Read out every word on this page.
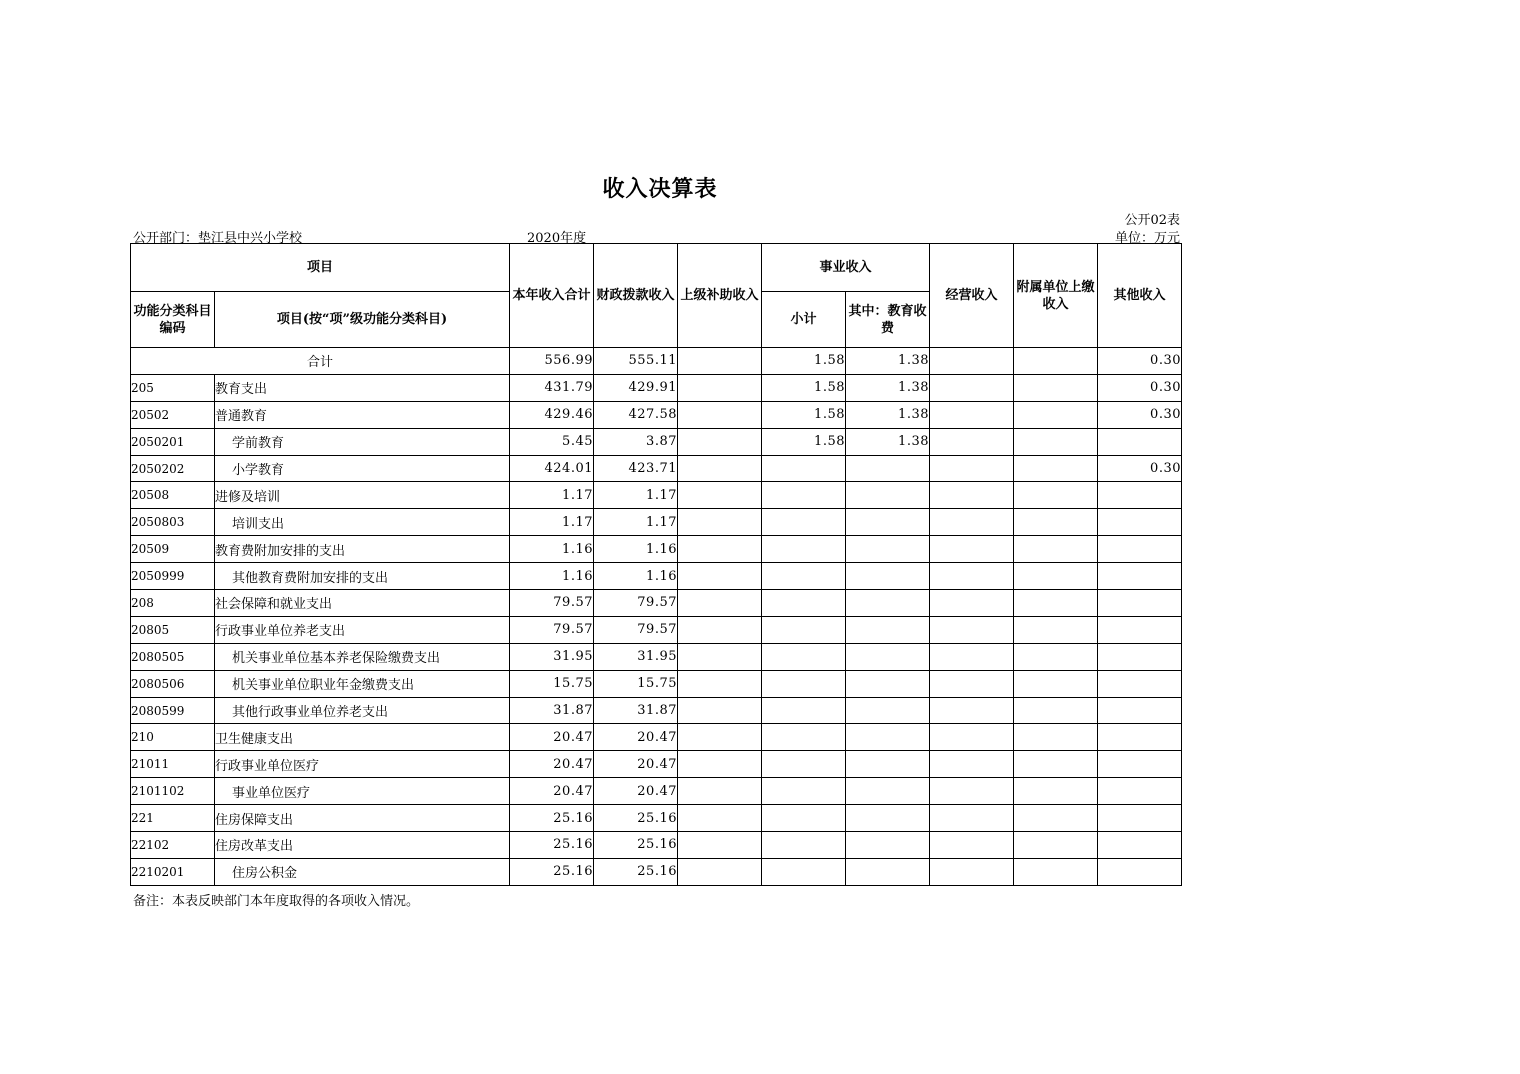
收入决算表
公开部门：垫江县中兴小学校	2020年度
公开02表
单位：万元
项目		本年收入合计	财政拨款收入	上级补助收入	事业收入		经营收入	附属单位上缴收入	其他收入
功能分类科目编码	项目(按“项”级功能分类科目)				小计	其中：教育收费			

合计		556.99	555.11		1.58	1.38			0.30
205	教育支出	431.79	429.91		1.58	1.38			0.30
20502	普通教育	429.46	427.58		1.58	1.38			0.30
2050201	学前教育	5.45	3.87		1.58	1.38			
2050202	小学教育	424.01	423.71						0.30
20508	进修及培训	1.17	1.17						
2050803	培训支出	1.17	1.17						
20509	教育费附加安排的支出	1.16	1.16						
2050999	其他教育费附加安排的支出	1.16	1.16						
208	社会保障和就业支出	79.57	79.57						
20805	行政事业单位养老支出	79.57	79.57						
2080505	机关事业单位基本养老保险缴费支出	31.95	31.95						
2080506	机关事业单位职业年金缴费支出	15.75	15.75						
2080599	其他行政事业单位养老支出	31.87	31.87						
210	卫生健康支出	20.47	20.47						
21011	行政事业单位医疗	20.47	20.47						
2101102	事业单位医疗	20.47	20.47						
221	住房保障支出	25.16	25.16						
22102	住房改革支出	25.16	25.16						
2210201	住房公积金	25.16	25.16						
备注：本表反映部门本年度取得的各项收入情况。
